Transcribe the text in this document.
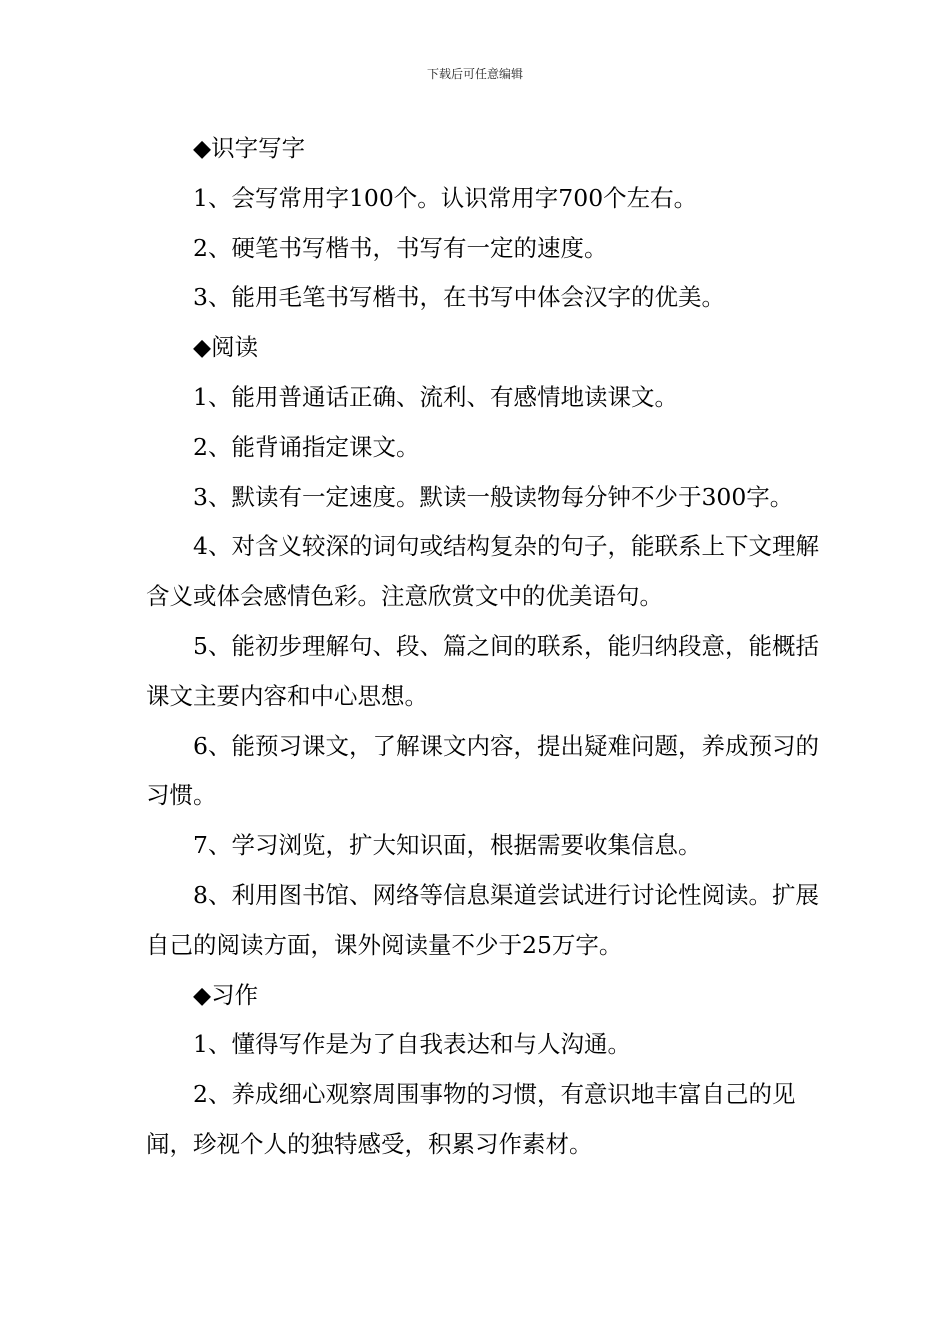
下载后可任意编辑

◆识字写字

1、会写常用字100个。认识常用字700个左右。

2、硬笔书写楷书，书写有一定的速度。

3、能用毛笔书写楷书，在书写中体会汉字的优美。

◆阅读

1、能用普通话正确、流利、有感情地读课文。

2、能背诵指定课文。

3、默读有一定速度。默读一般读物每分钟不少于300字。

4、对含义较深的词句或结构复杂的句子，能联系上下文理解含义或体会感情色彩。注意欣赏文中的优美语句。

5、能初步理解句、段、篇之间的联系，能归纳段意，能概括课文主要内容和中心思想。

6、能预习课文，了解课文内容，提出疑难问题，养成预习的习惯。

7、学习浏览，扩大知识面，根据需要收集信息。

8、利用图书馆、网络等信息渠道尝试进行讨论性阅读。扩展自己的阅读方面，课外阅读量不少于25万字。

◆习作

1、懂得写作是为了自我表达和与人沟通。

2、养成细心观察周围事物的习惯，有意识地丰富自己的见闻，珍视个人的独特感受，积累习作素材。
